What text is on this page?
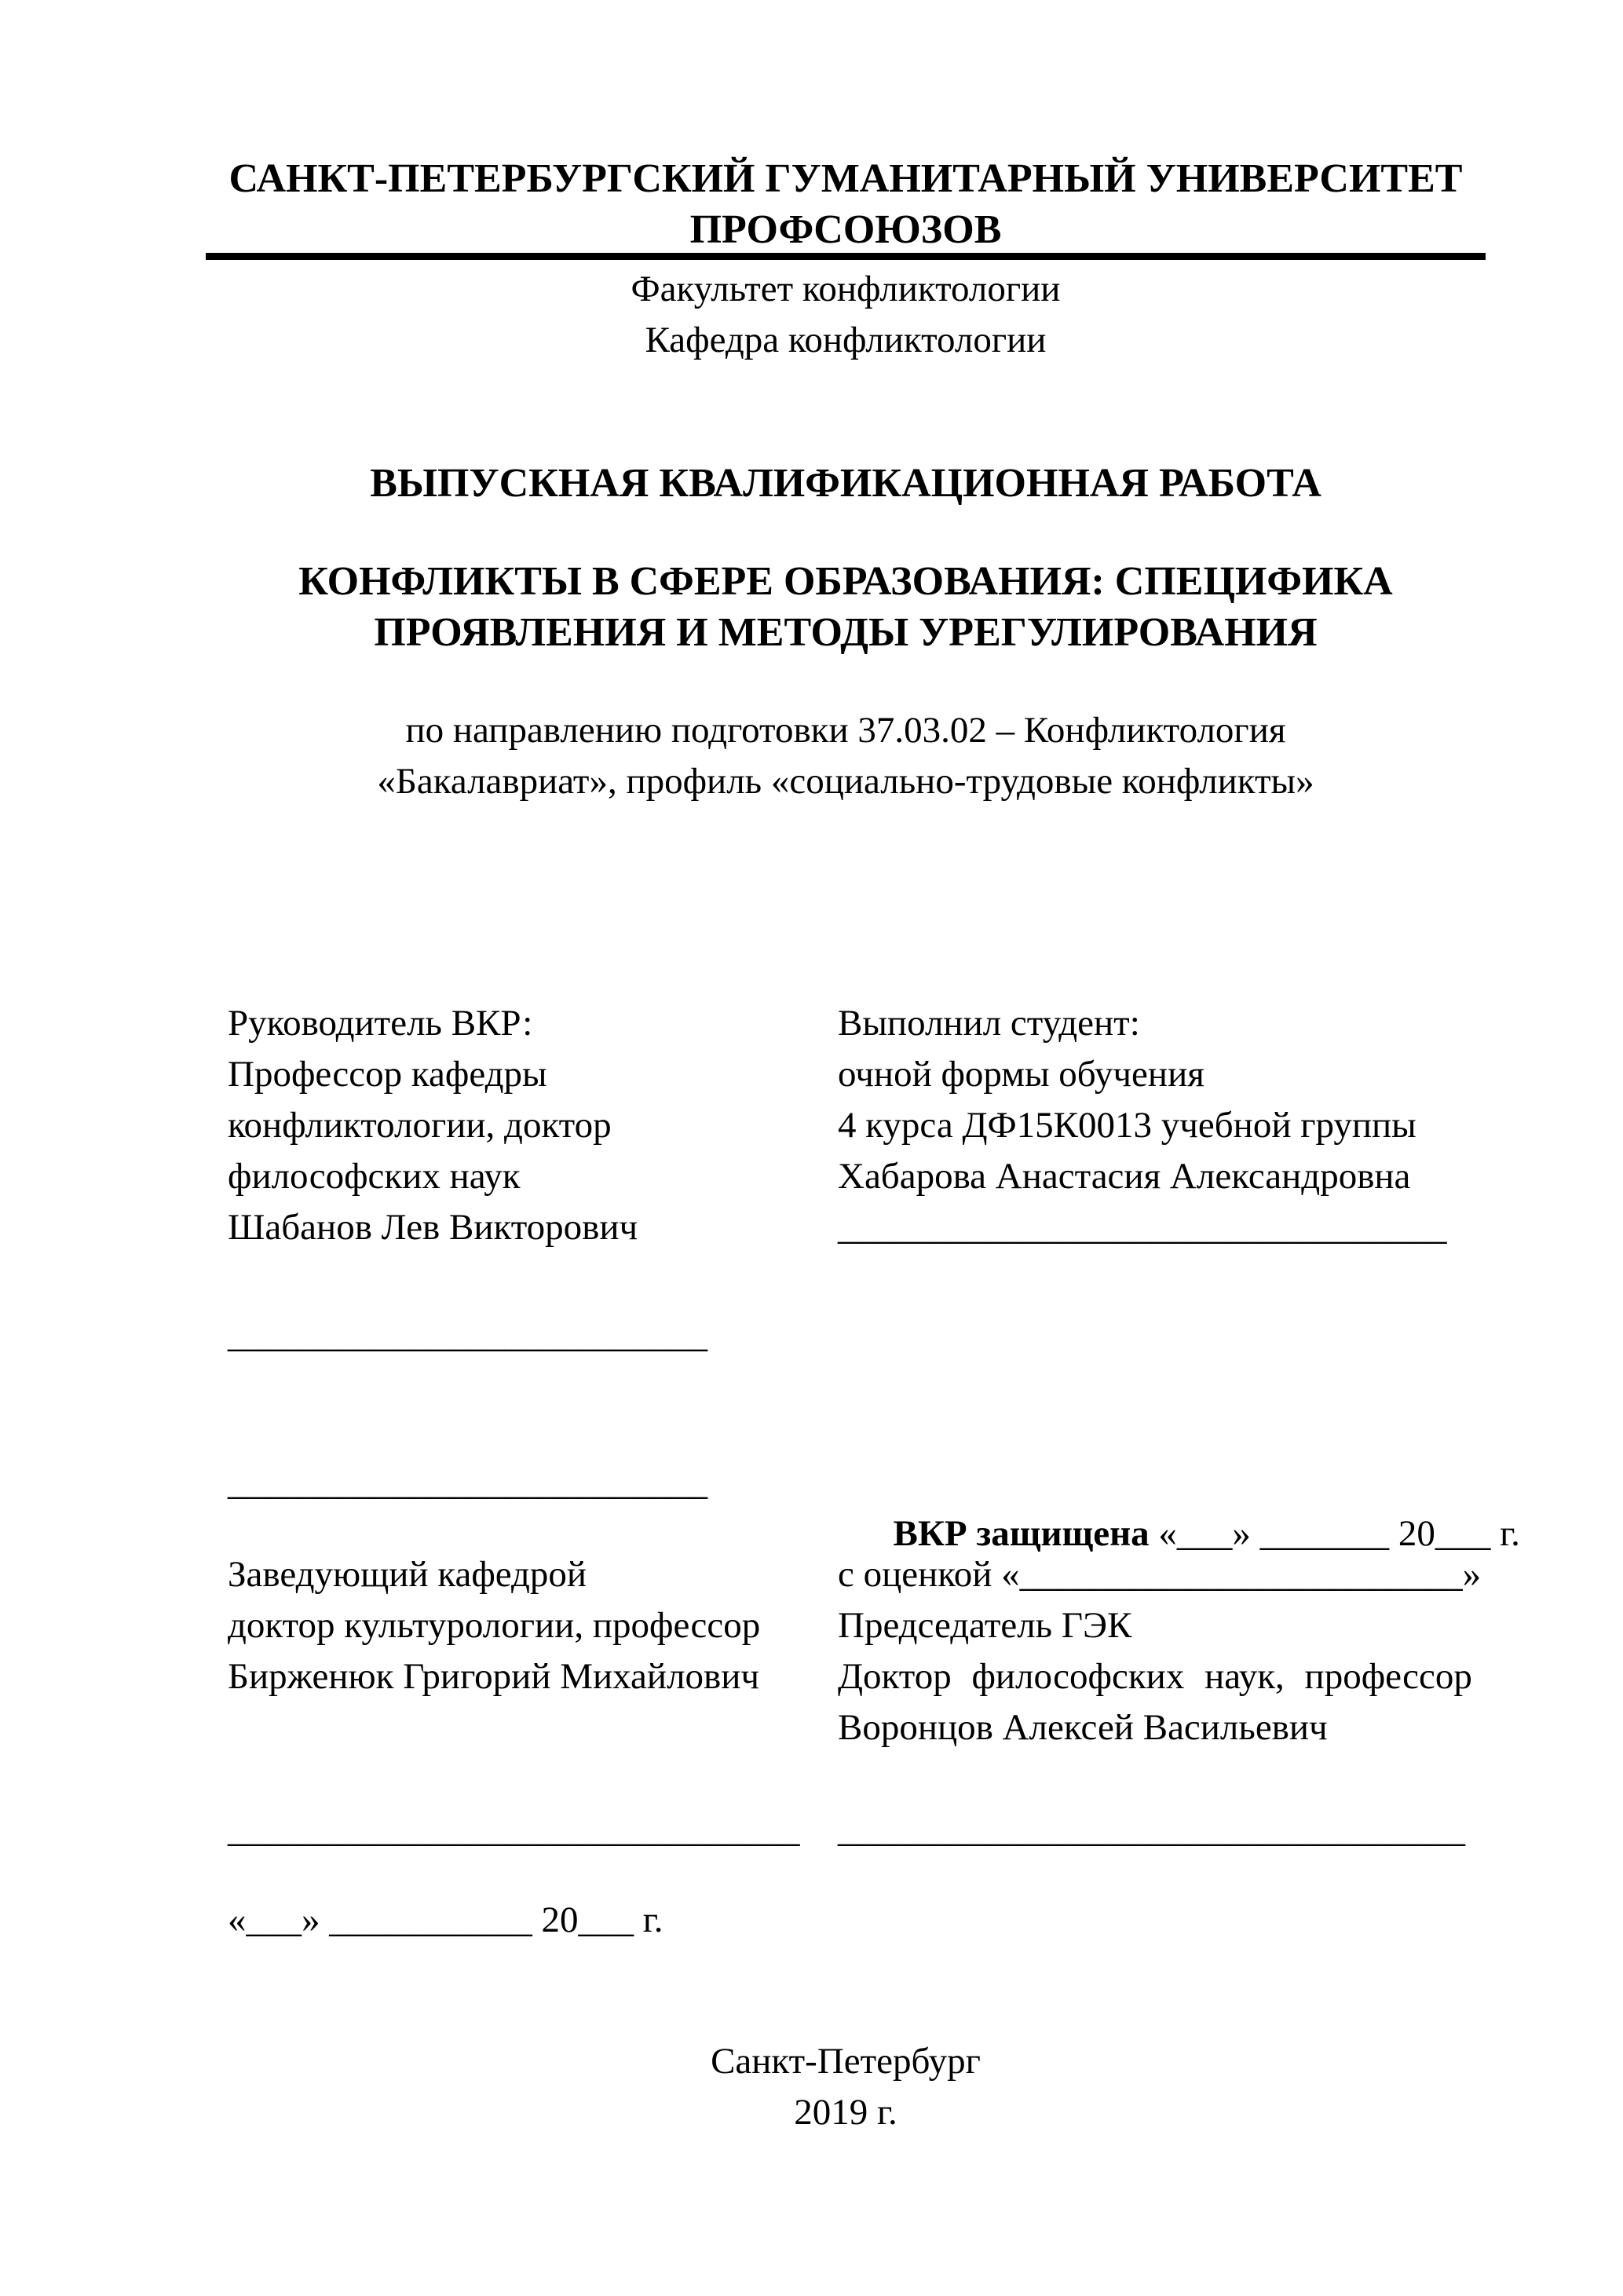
САНКТ-ПЕТЕРБУРГСКИЙ ГУМАНИТАРНЫЙ УНИВЕРСИТЕТ
ПРОФСОЮЗОВ
Факультет конфликтологии
Кафедра конфликтологии
ВЫПУСКНАЯ КВАЛИФИКАЦИОННАЯ РАБОТА
КОНФЛИКТЫ В СФЕРЕ ОБРАЗОВАНИЯ: СПЕЦИФИКА
ПРОЯВЛЕНИЯ И МЕТОДЫ УРЕГУЛИРОВАНИЯ
по направлению подготовки 37.03.02 – Конфликтология
«Бакалавриат», профиль «социально-трудовые конфликты»
Руководитель ВКР:
Профессор кафедры
конфликтологии, доктор
философских наук
Шабанов Лев Викторович
Выполнил студент:
очной формы обучения
4 курса ДФ15К0013 учебной группы
Хабарова Анастасия Александровна
_________________________________
__________________________
__________________________

ВКР защищена «___» _______ 20___ г.

Заведующий кафедрой
доктор культурологии, профессор
Бирженюк Григорий Михайлович
с оценкой «________________________»
Председатель ГЭК
Доктор философских наук, профессор
Воронцов Алексей Васильевич
_______________________________ __________________________________
«___» ___________ 20___ г.
Санкт-Петербург
2019 г.
